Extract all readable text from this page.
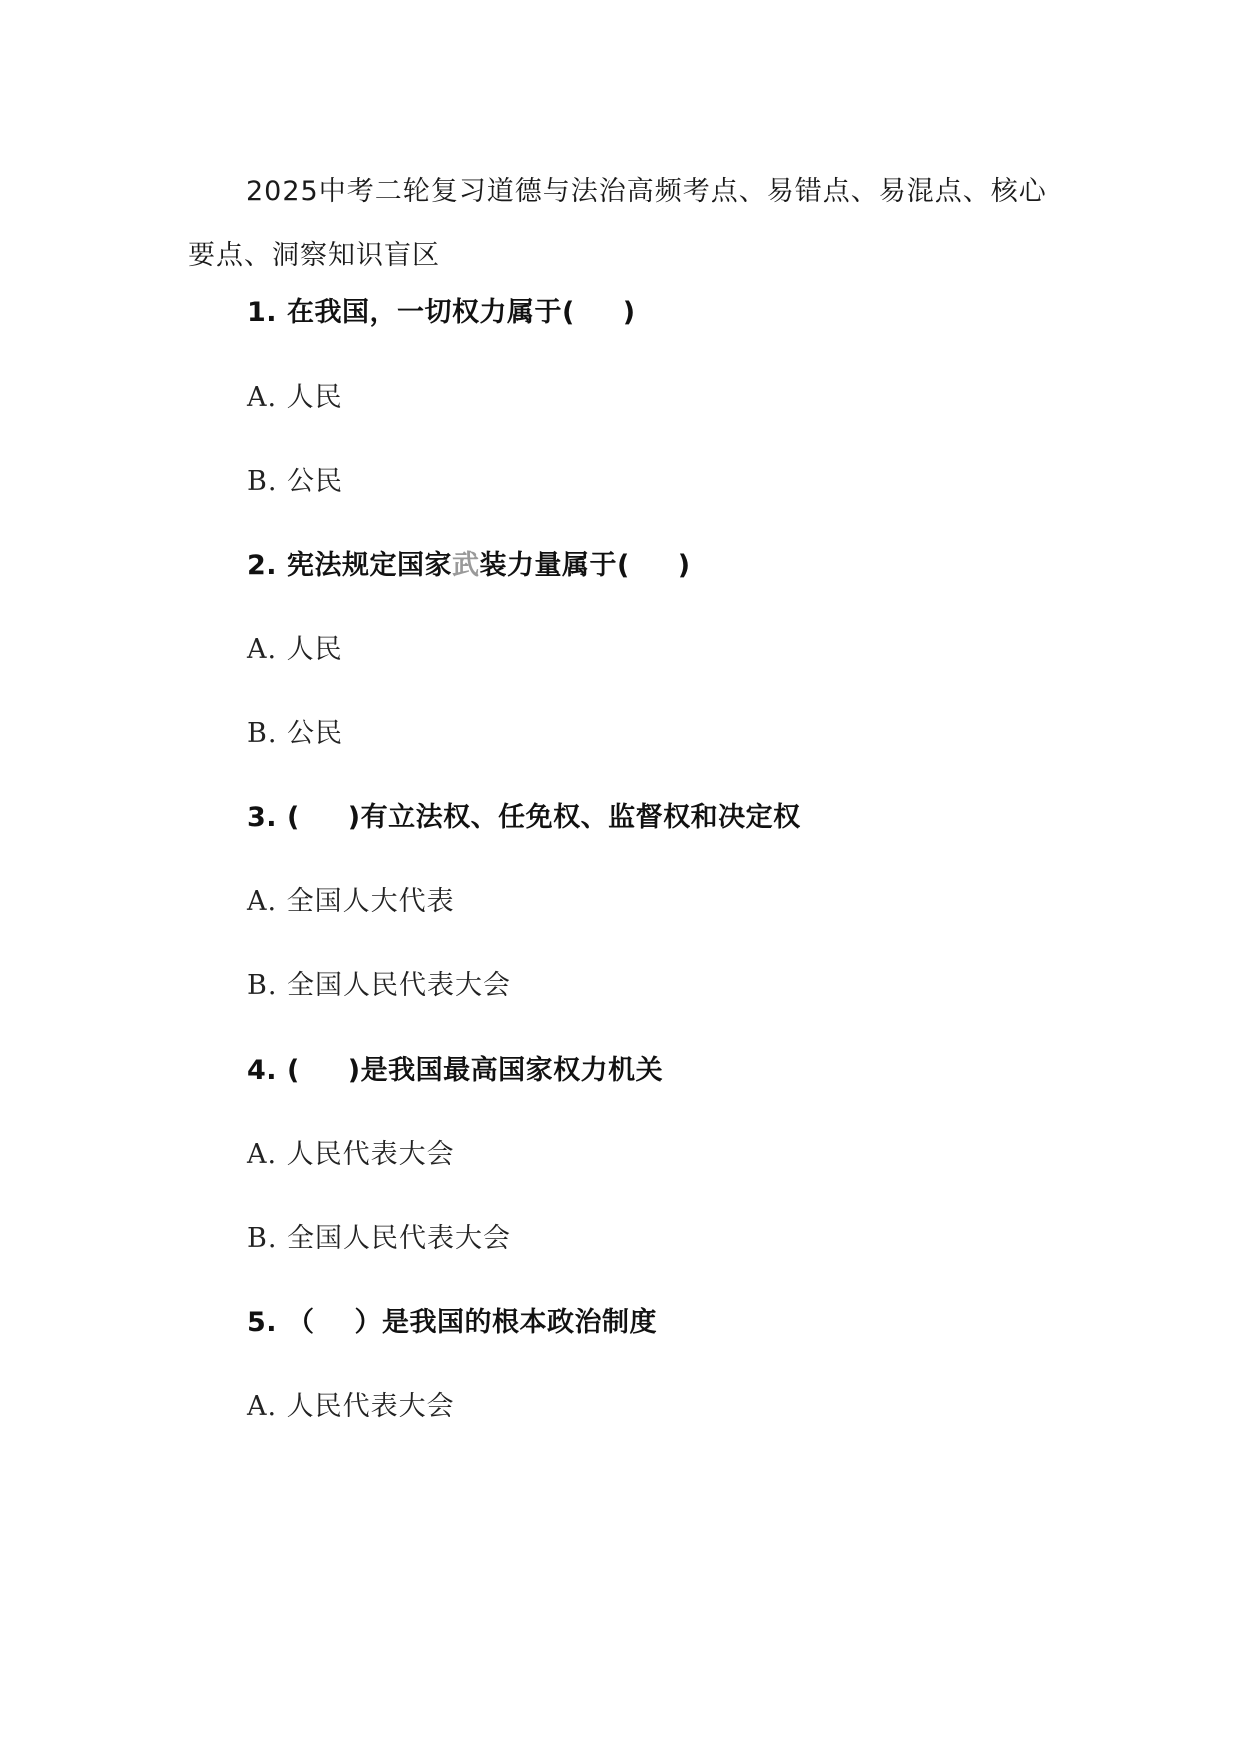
2025中考二轮复习道德与法治高频考点、易错点、易混点、核心要点、洞察知识盲区
1. 在我国，一切权力属于( )
A. 人民
B. 公民
2. 宪法规定国家武装力量属于( )
A. 人民
B. 公民
3. ( )有立法权、任免权、监督权和决定权
A. 全国人大代表
B. 全国人民代表大会
4. ( )是我国最高国家权力机关
A. 人民代表大会
B. 全国人民代表大会
5. （ ）是我国的根本政治制度
A. 人民代表大会
